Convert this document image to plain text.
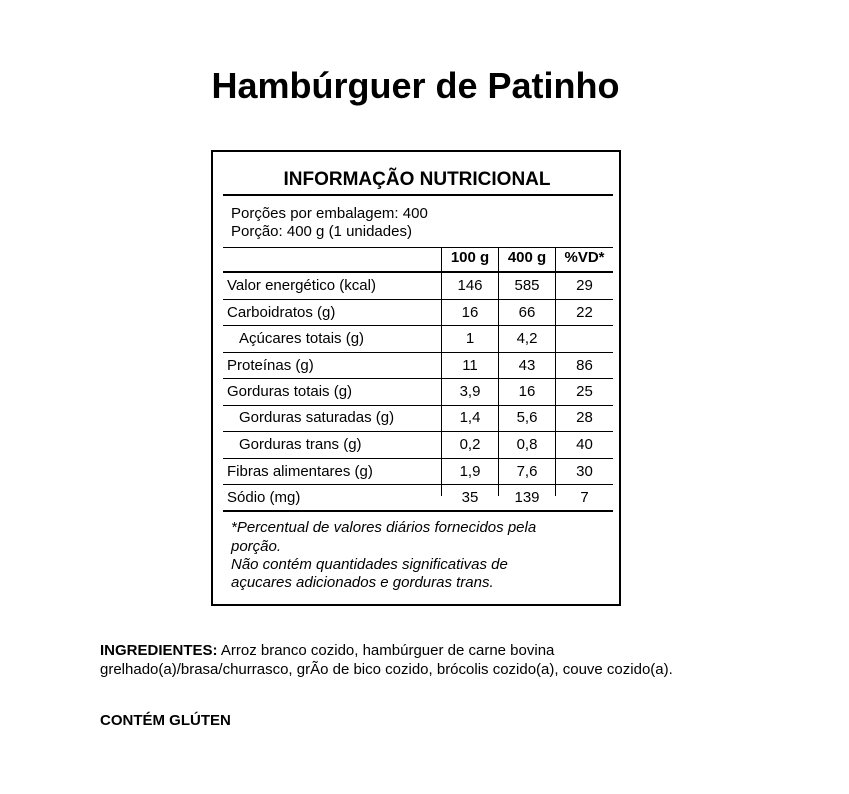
Hambúrguer de Patinho
INFORMAÇÃO NUTRICIONAL
Porções por embalagem: 400
Porção: 400 g (1 unidades)
100 g	400 g	%VD*
Valor energético (kcal)	146	585	29
Carboidratos (g)	16	66	22
Açúcares totais (g)	1	4,2
Proteínas (g)	11	43	86
Gorduras totais (g)	3,9	16	25
Gorduras saturadas (g)	1,4	5,6	28
Gorduras trans (g)	0,2	0,8	40
Fibras alimentares (g)	1,9	7,6	30
Sódio (mg)	35	139	7
*Percentual de valores diários fornecidos pela
porção.
Não contém quantidades significativas de
açucares adicionados e gorduras trans.
INGREDIENTES: Arroz branco cozido, hambúrguer de carne bovina grelhado(a)/brasa/churrasco, grÃo de bico cozido, brócolis cozido(a), couve cozido(a).
CONTÉM GLÚTEN
